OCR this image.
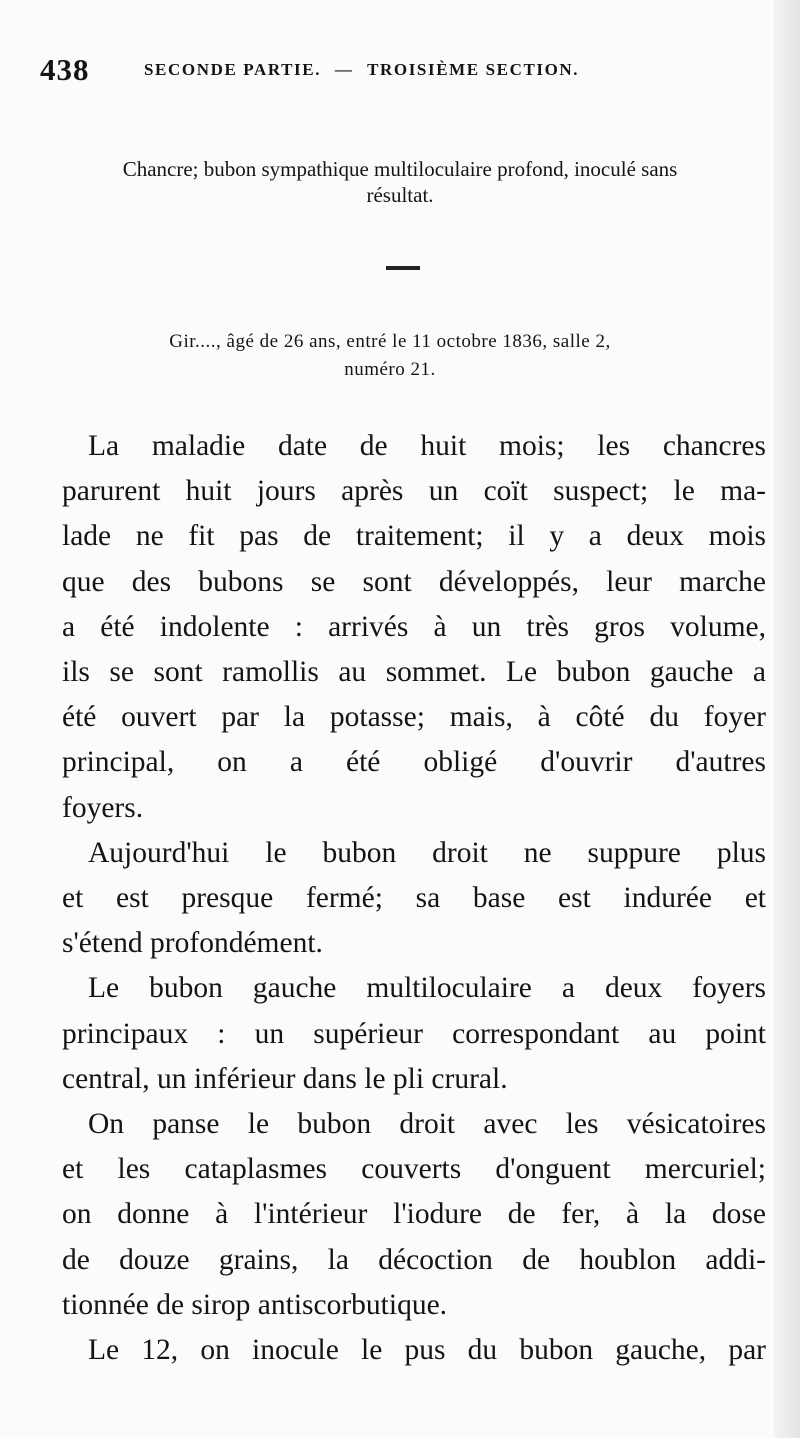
438	SECONDE PARTIE. — TROISIÈME SECTION.
Chancre; bubon sympathique multiloculaire profond, inoculé sans
résultat.
Gir...., âgé de 26 ans, entré le 11 octobre 1836, salle 2,
numéro 21.
La maladie date de huit mois; les chancres
parurent huit jours après un coït suspect; le ma-
lade ne fit pas de traitement; il y a deux mois
que des bubons se sont développés, leur marche
a été indolente : arrivés à un très gros volume,
ils se sont ramollis au sommet. Le bubon gauche a
été ouvert par la potasse; mais, à côté du foyer
principal, on a été obligé d'ouvrir d'autres
foyers.
Aujourd'hui le bubon droit ne suppure plus
et est presque fermé; sa base est indurée et
s'étend profondément.
Le bubon gauche multiloculaire a deux foyers
principaux : un supérieur correspondant au point
central, un inférieur dans le pli crural.
On panse le bubon droit avec les vésicatoires
et les cataplasmes couverts d'onguent mercuriel;
on donne à l'intérieur l'iodure de fer, à la dose
de douze grains, la décoction de houblon addi-
tionnée de sirop antiscorbutique.
Le 12, on inocule le pus du bubon gauche, par
